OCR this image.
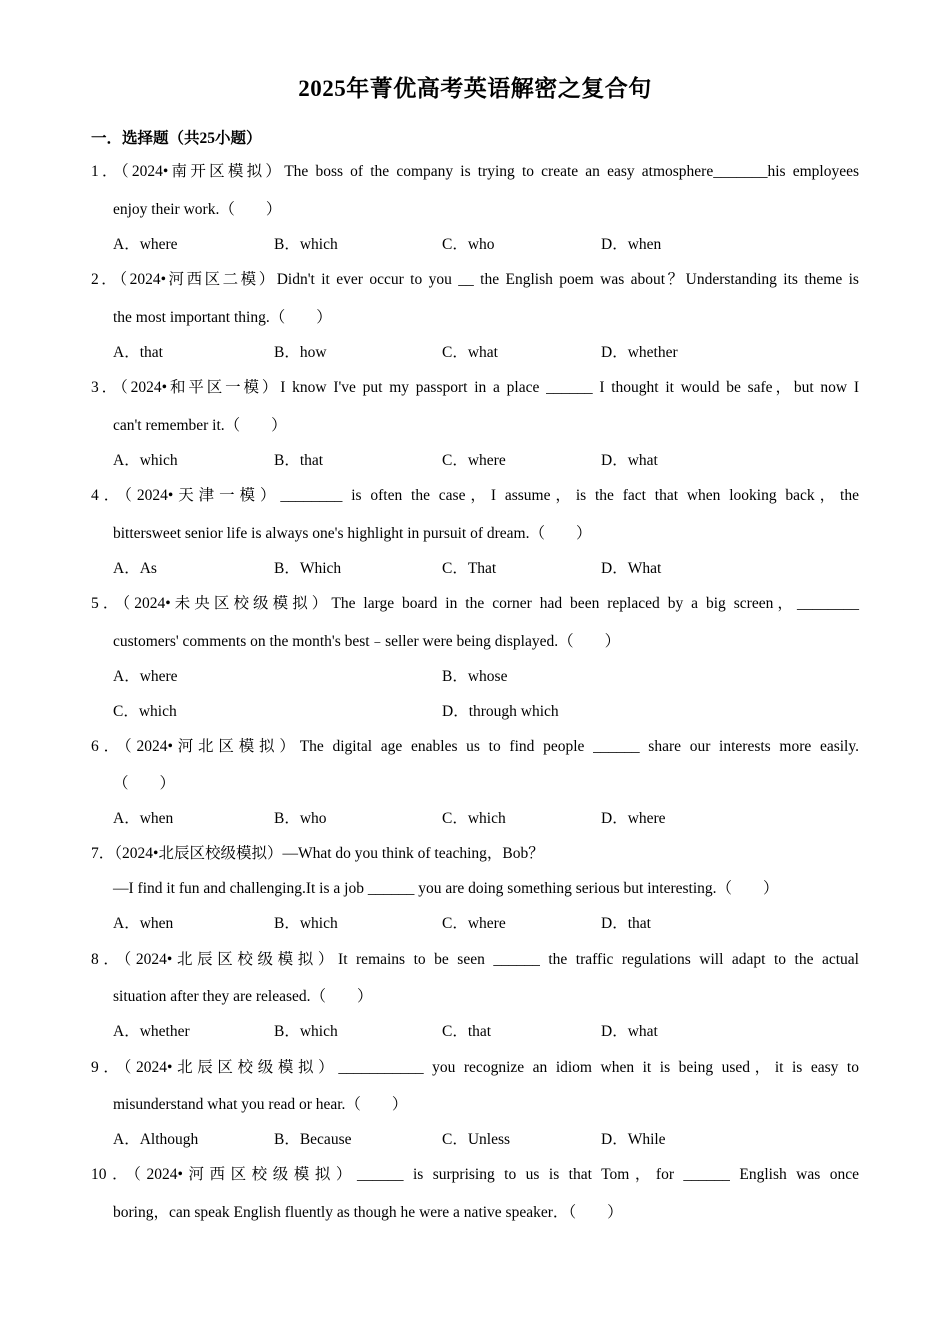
2025年菁优高考英语解密之复合句
一．选择题（共25小题）
1．（2024•南开区模拟）The boss of the company is trying to create an easy atmosphere_______his employees
enjoy their work.（　　）
A．where	B．which	C．who	D．when
2．（2024•河西区二模）Didn't it ever occur to you __ the English poem was about？Understanding its theme is
the most important thing.（　　）
A．that	B．how	C．what	D．whether
3．（2024•和平区一模）I know I've put my passport in a place ______ I thought it would be safe，but now I
can't remember it.（　　）
A．which	B．that	C．where	D．what
4．（2024•天津一模）________ is often the case，I assume，is the fact that when looking back，the
bittersweet senior life is always one's highlight in pursuit of dream.（　　）
A．As	B．Which	C．That	D．What
5．（2024•未央区校级模拟）The large board in the corner had been replaced by a big screen，________
customers' comments on the month's best﹣seller were being displayed.（　　）
A．where	B．whose
C．which	D．through which
6．（2024•河北区模拟）The digital age enables us to find people ______ share our interests more easily.
（　　）
A．when	B．who	C．which	D．where
7．（2024•北辰区校级模拟）—What do you think of teaching，Bob？
—I find it fun and challenging.It is a job ______ you are doing something serious but interesting.（　　）
A．when	B．which	C．where	D．that
8．（2024•北辰区校级模拟）It remains to be seen ______ the traffic regulations will adapt to the actual
situation after they are released.（　　）
A．whether	B．which	C．that	D．what
9．（2024•北辰区校级模拟）___________ you recognize an idiom when it is being used，it is easy to
misunderstand what you read or hear.（　　）
A．Although	B．Because	C．Unless	D．While
10．（2024•河西区校级模拟）______ is surprising to us is that Tom，for ______ English was once
boring，can speak English fluently as though he were a native speaker．（　　）
